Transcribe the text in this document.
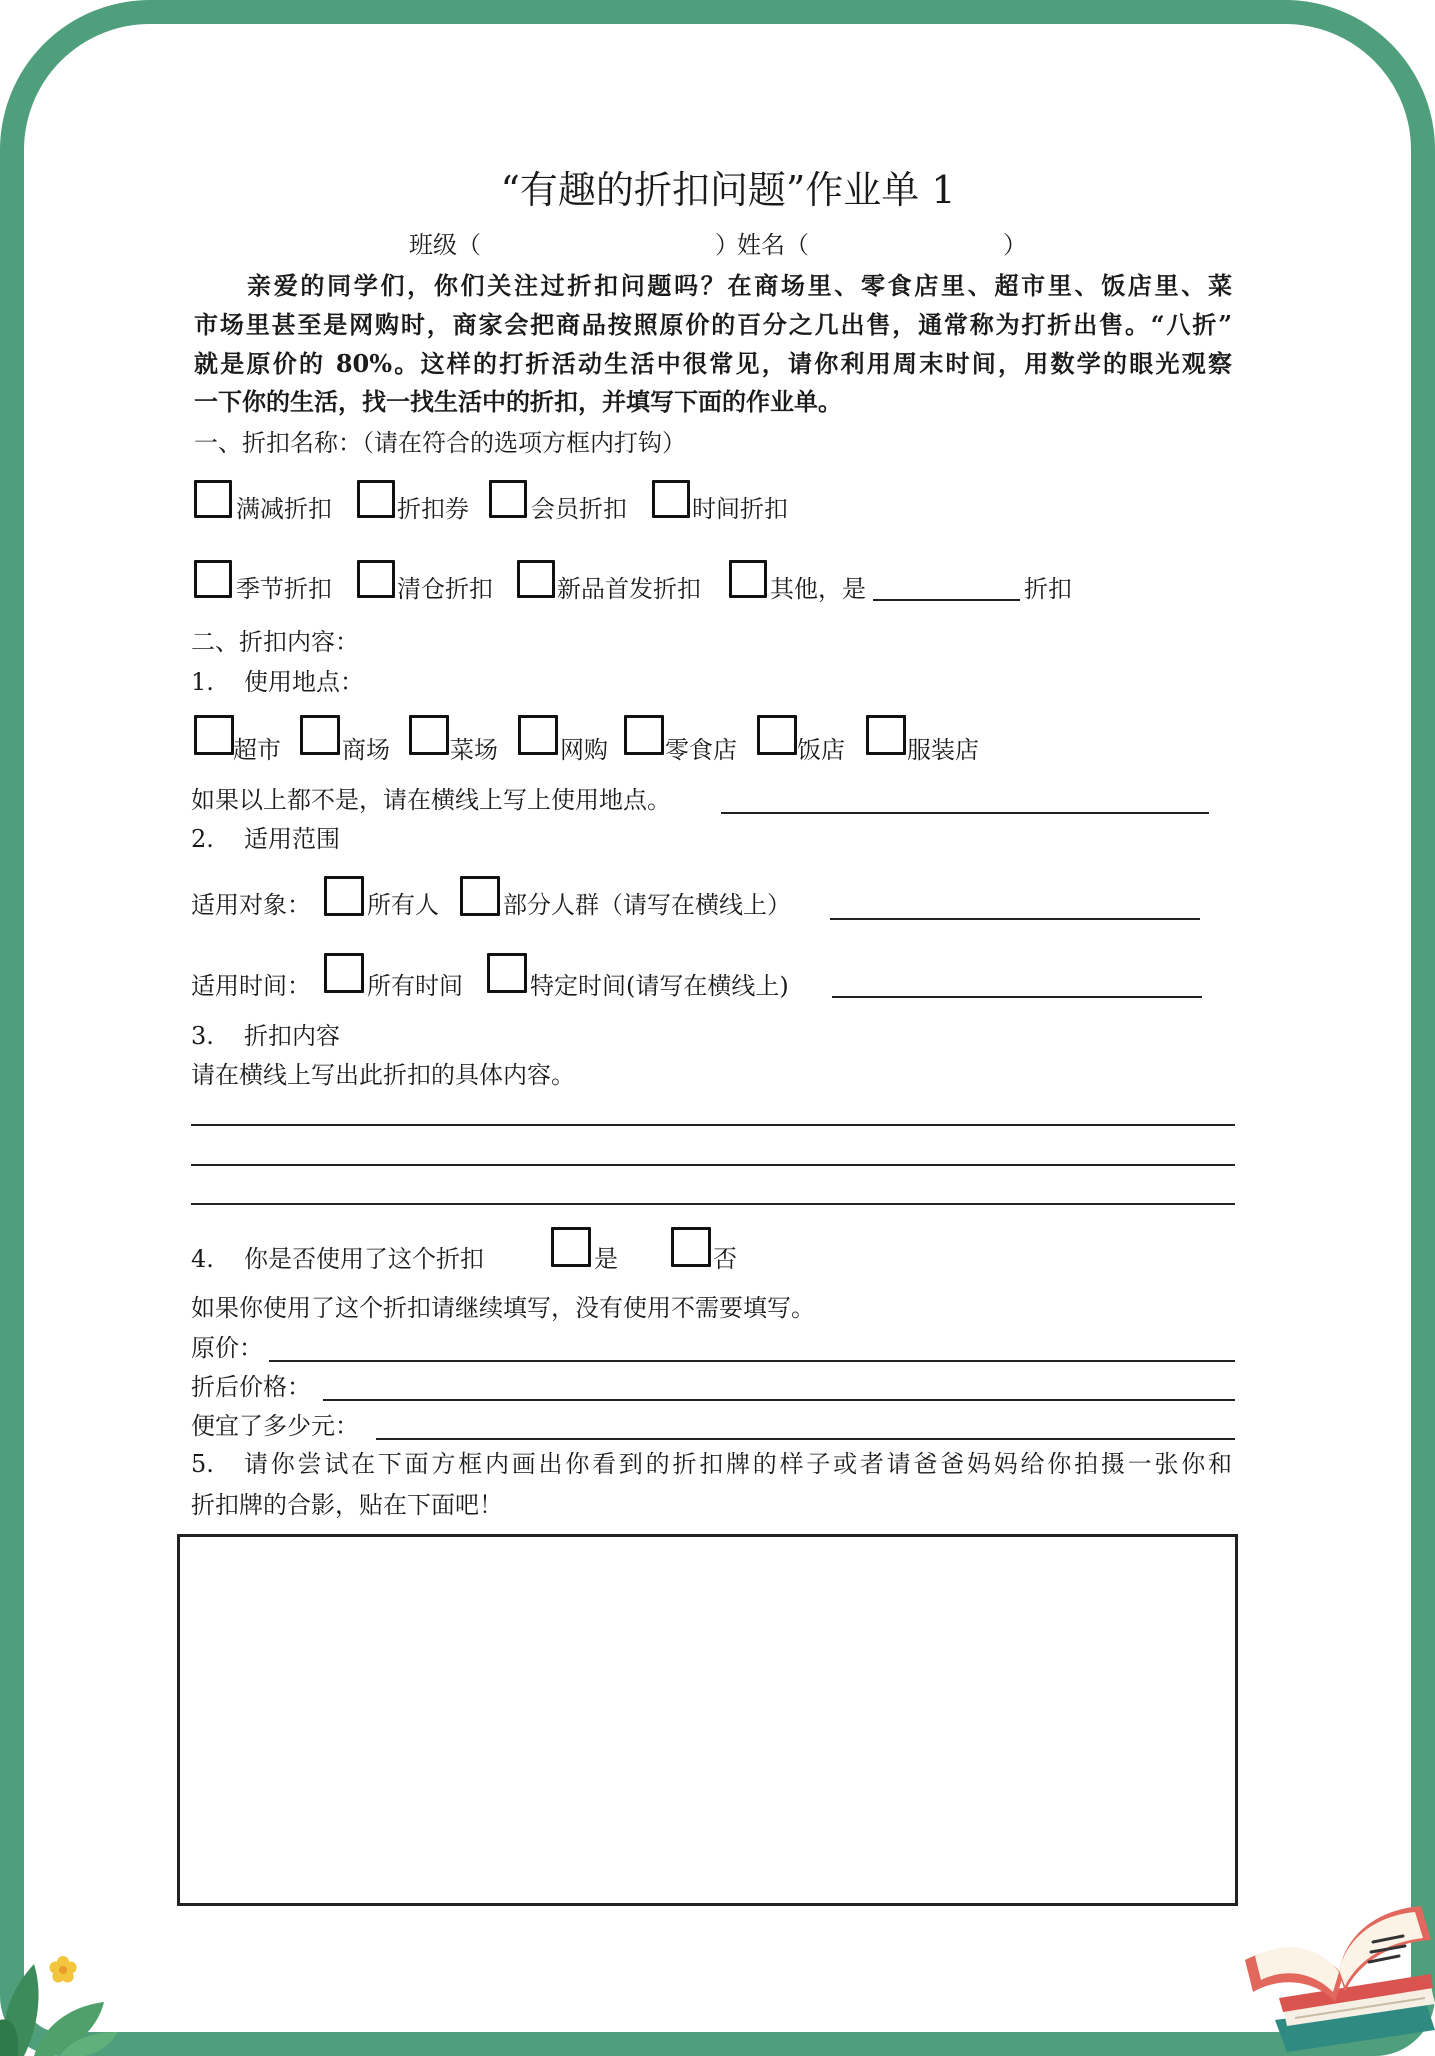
“有趣的折扣问题”作业单 1
班级（	）
姓名（	）
亲爱的同学们，你们关注过折扣问题吗？在商场里、零食店里、超市里、饭店里、菜
市场里甚至是网购时，商家会把商品按照原价的百分之几出售，通常称为打折出售。“八折”
就是原价的 80%。这样的打折活动生活中很常见，请你利用周末时间，用数学的眼光观察
一下你的生活，找一找生活中的折扣，并填写下面的作业单。
一、折扣名称：（请在符合的选项方框内打钩）
满减折扣	折扣券	会员折扣	时间折扣
季节折扣	清仓折扣	新品首发折扣	其他，是	折扣
二、折扣内容：
1. 使用地点：
超市	商场	菜场	网购 零食店	饭店	服装店
如果以上都不是，请在横线上写上使用地点。
2. 适用范围
适用对象： 所有人	部分人群（请写在横线上）
适用时间： 所有时间	特定时间(请写在横线上)
3. 折扣内容
请在横线上写出此折扣的具体内容。
4. 你是否使用了这个折扣	是	否
如果你使用了这个折扣请继续填写，没有使用不需要填写。
原价：
折后价格：
便宜了多少元：
5. 请你尝试在下面方框内画出你看到的折扣牌的样子或者请爸爸妈妈给你拍摄一张你和
折扣牌的合影，贴在下面吧！
